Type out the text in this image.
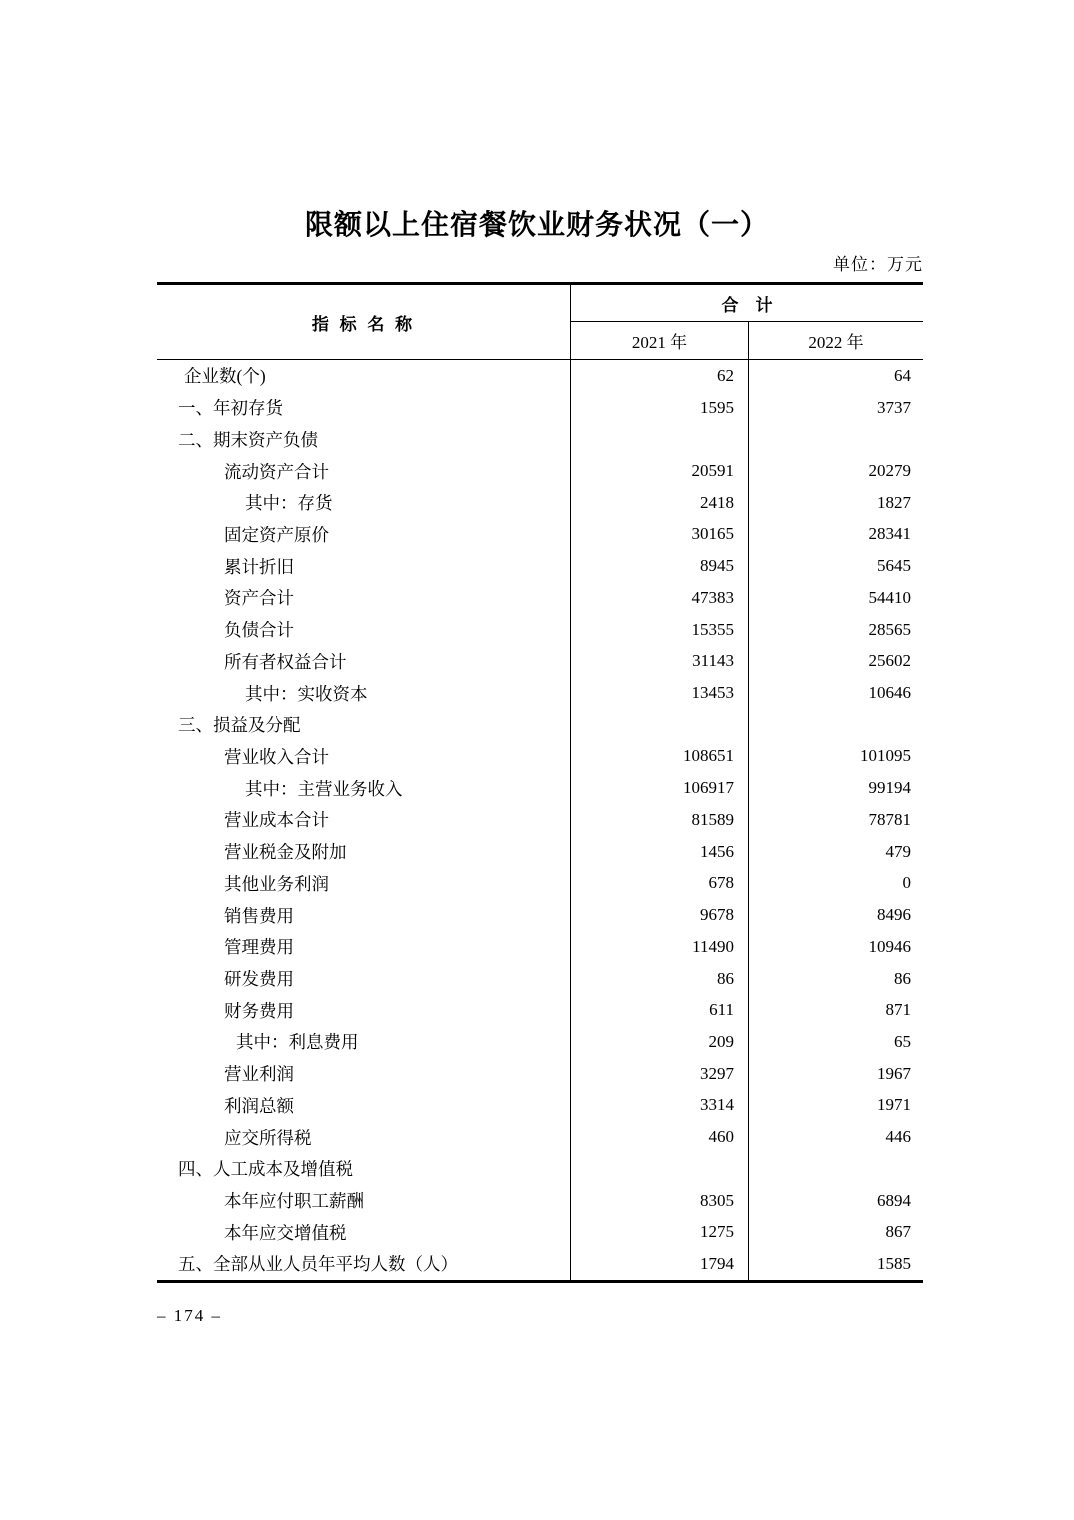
限额以上住宿餐饮业财务状况（一）
单位：万元
指 标 名 称
合　计
2021 年	2022 年
企业数(个)	62	64
一、年初存货	1595	3737
二、期末资产负债
流动资产合计	20591	20279
其中：存货	2418	1827
固定资产原价	30165	28341
累计折旧	8945	5645
资产合计	47383	54410
负债合计	15355	28565
所有者权益合计	31143	25602
其中：实收资本	13453	10646
三、损益及分配
营业收入合计	108651	101095
其中：主营业务收入	106917	99194
营业成本合计	81589	78781
营业税金及附加	1456	479
其他业务利润	678	0
销售费用	9678	8496
管理费用	11490	10946
研发费用	86	86
财务费用	611	871
其中：利息费用	209	65
营业利润	3297	1967
利润总额	3314	1971
应交所得税	460	446
四、人工成本及增值税
本年应付职工薪酬	8305	6894
本年应交增值税	1275	867
五、全部从业人员年平均人数（人）	1794	1585
– 174 –
